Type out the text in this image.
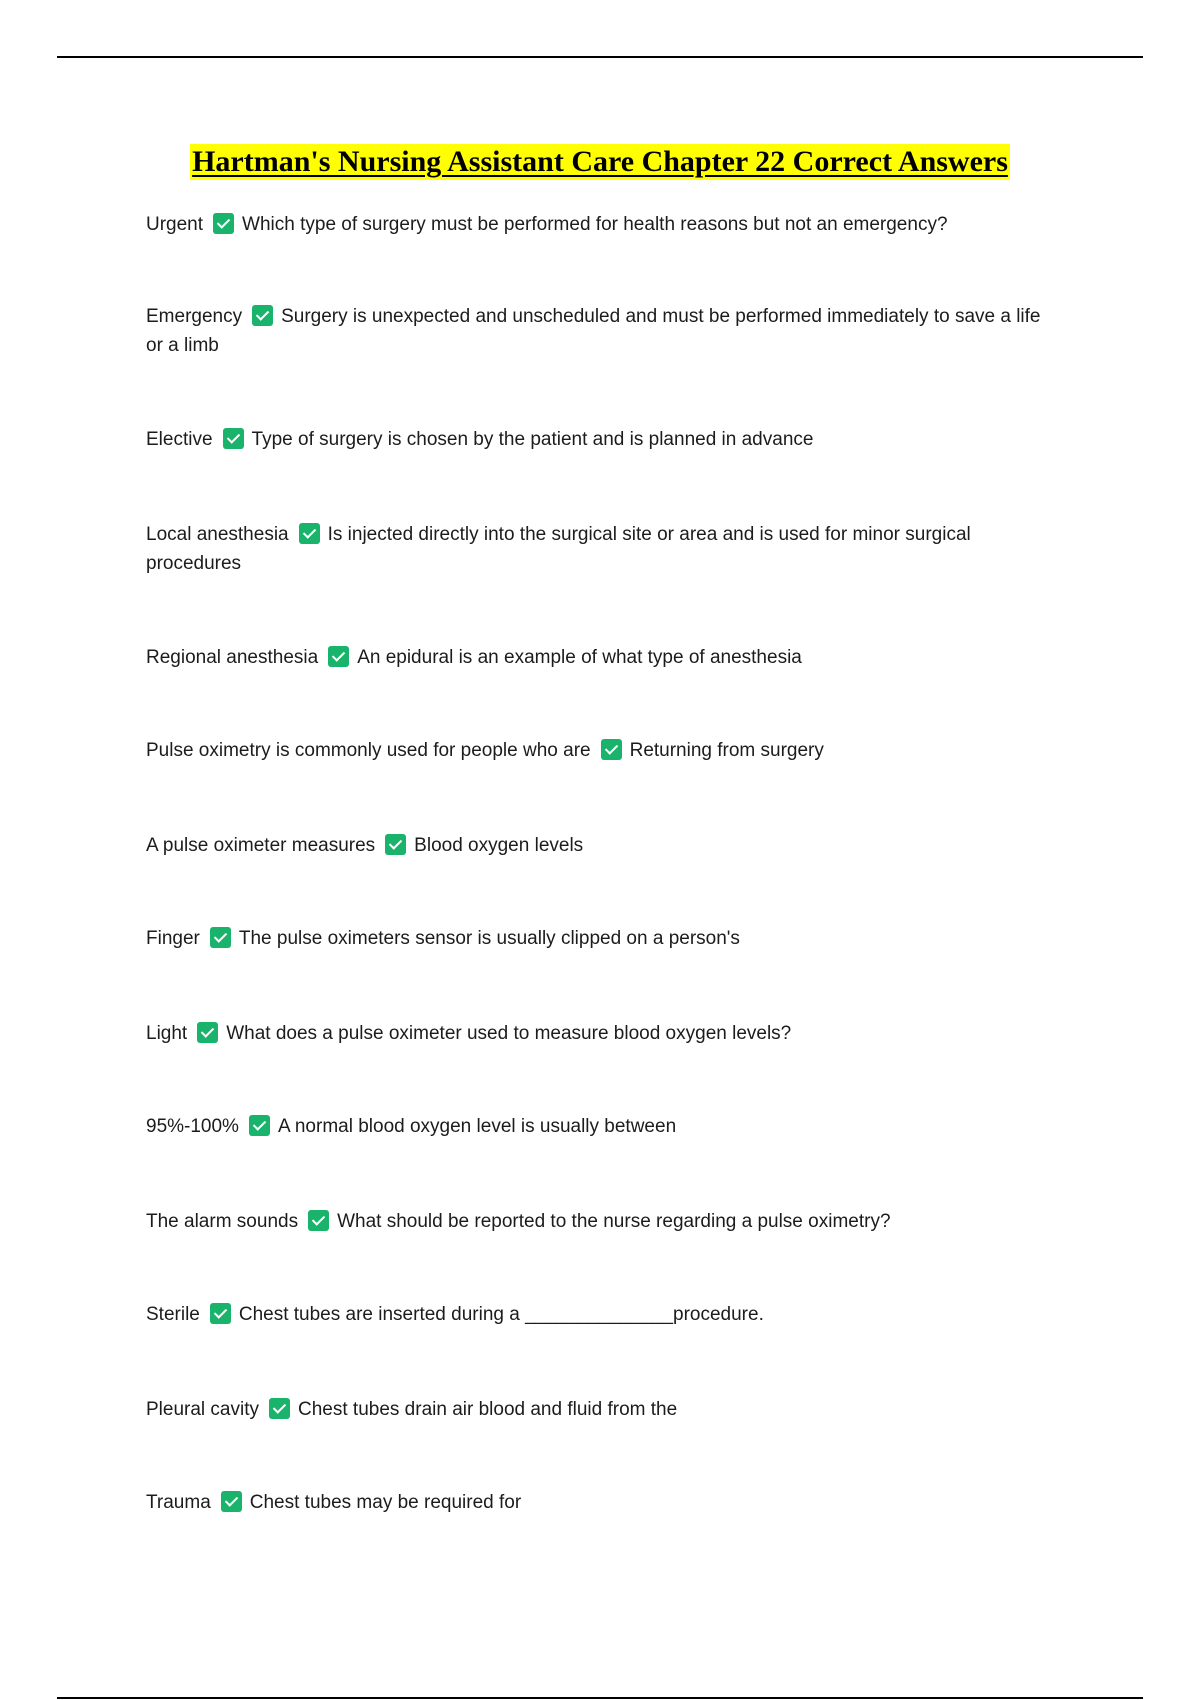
Hartman's Nursing Assistant Care Chapter 22 Correct Answers
Urgent Which type of surgery must be performed for health reasons but not an emergency?
Emergency Surgery is unexpected and unscheduled and must be performed immediately to save a life or a limb
Elective Type of surgery is chosen by the patient and is planned in advance
Local anesthesia Is injected directly into the surgical site or area and is used for minor surgical procedures
Regional anesthesia An epidural is an example of what type of anesthesia
Pulse oximetry is commonly used for people who are Returning from surgery
A pulse oximeter measures Blood oxygen levels
Finger The pulse oximeters sensor is usually clipped on a person's
Light What does a pulse oximeter used to measure blood oxygen levels?
95%-100% A normal blood oxygen level is usually between
The alarm sounds What should be reported to the nurse regarding a pulse oximetry?
Sterile Chest tubes are inserted during a ______________procedure.
Pleural cavity Chest tubes drain air blood and fluid from the
Trauma Chest tubes may be required for
